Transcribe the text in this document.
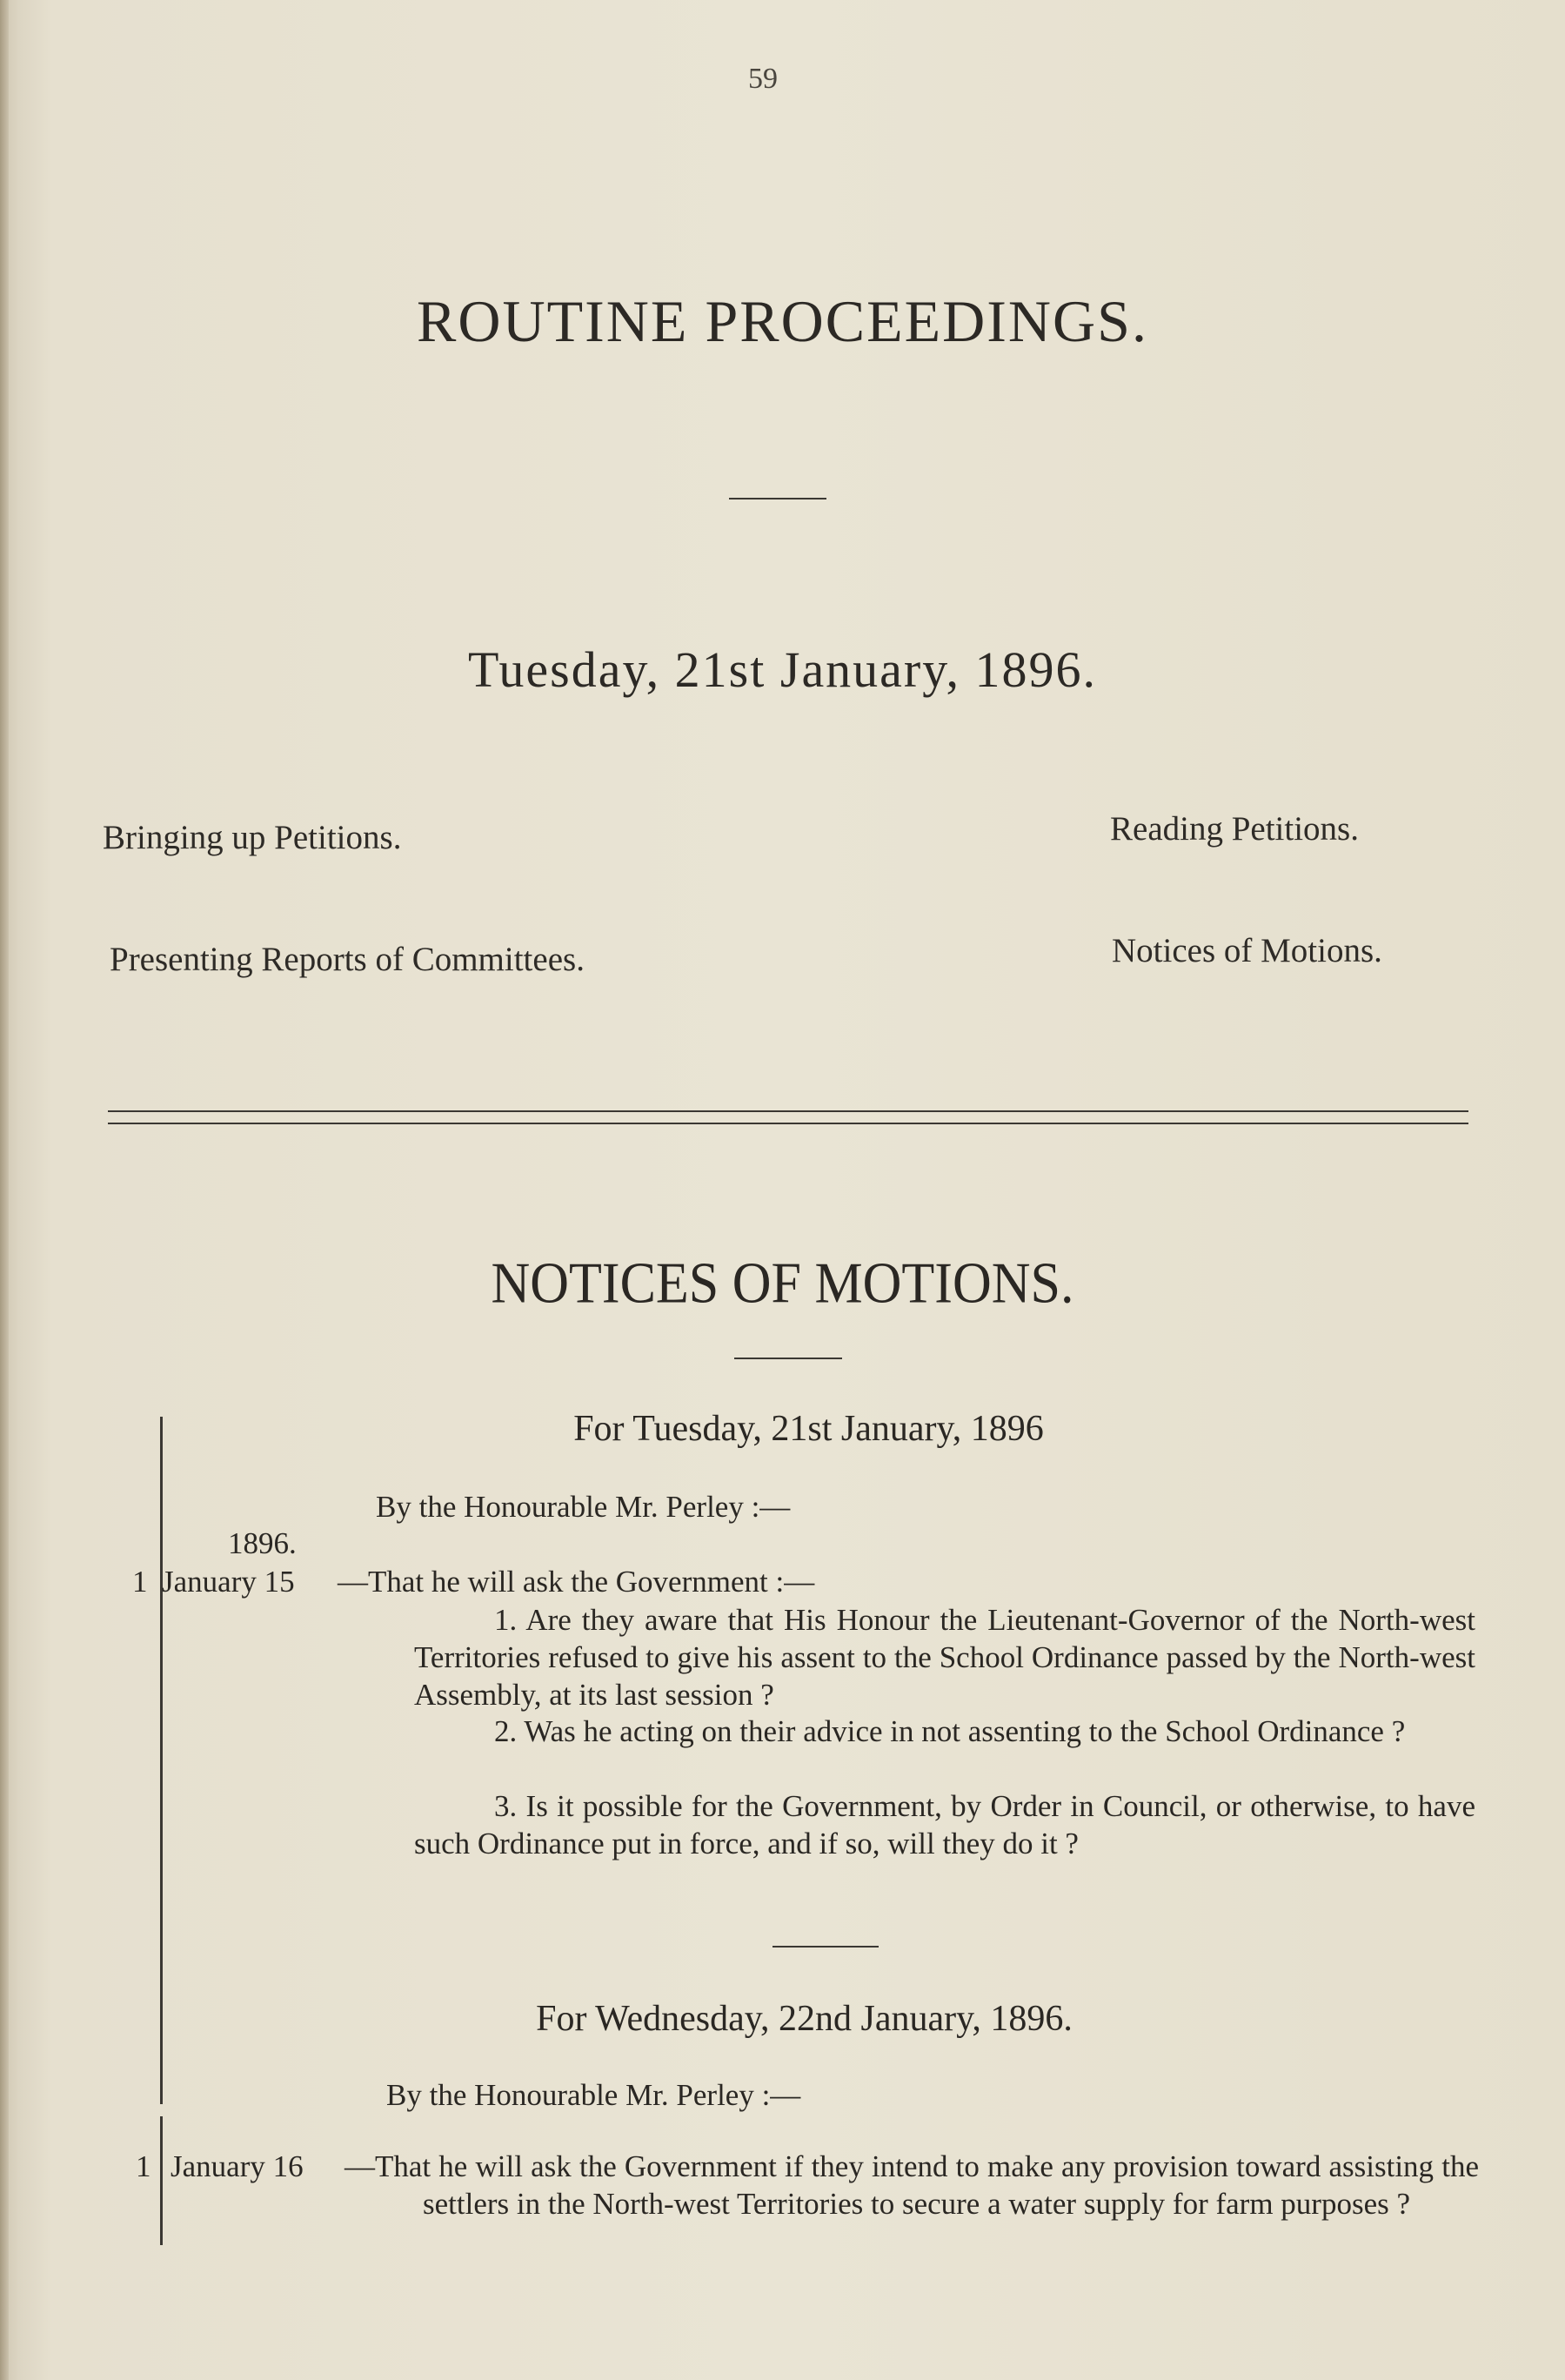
59
ROUTINE PROCEEDINGS.
Tuesday, 21st January, 1896.
Bringing up Petitions.	Reading Petitions.
Presenting Reports of Committees.	Notices of Motions.
NOTICES OF MOTIONS.
For Tuesday, 21st January, 1896
By the Honourable Mr. Perley :—
1896.
1 January 15 —That he will ask the Government :—
1. Are they aware that His Honour the Lieutenant-Governor of the North-west Territories refused to give his assent to the School Ordinance passed by the North-west Assembly, at its last session ?
2. Was he acting on their advice in not assenting to the School Ordinance ?
3. Is it possible for the Government, by Order in Council, or otherwise, to have such Ordinance put in force, and if so, will they do it ?
For Wednesday, 22nd January, 1896.
By the Honourable Mr. Perley :—
1 January 16	—That he will ask the Government if they intend to make any provision toward assisting the settlers in the North-west Territories to secure a water supply for farm purposes ?
